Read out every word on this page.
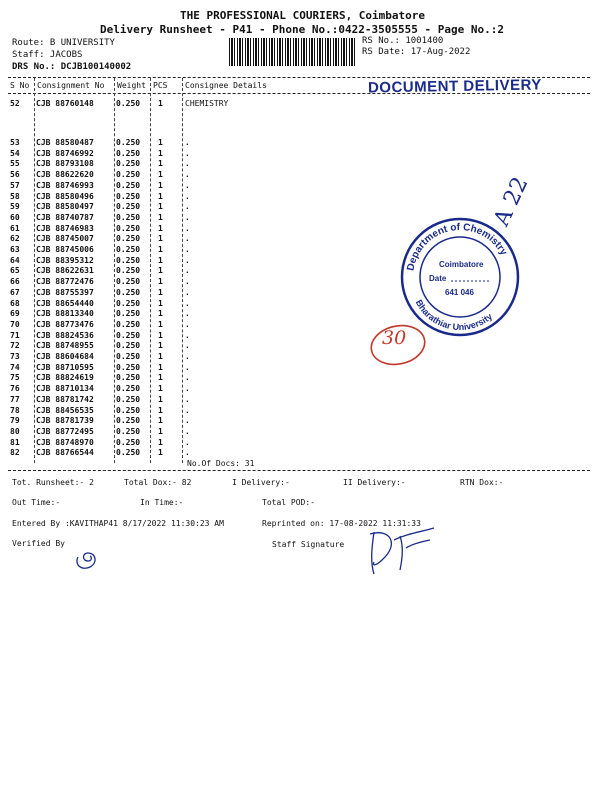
THE PROFESSIONAL COURIERS, Coimbatore
Delivery Runsheet - P41 - Phone No.:0422-3505555 - Page No.:2
Route: B UNIVERSITY
Staff: JACOBS
DRS No.: DCJB100140002
RS No.: 1001400
RS Date: 17-Aug-2022
S No Consignment No Weight PCS Consignee Details	DOCUMENT DELIVERY
52 CJB 88760148	0.250 1	CHEMISTRY
53 CJB 88580487	0.250 1	.
54 CJB 88746992	0.250 1	.
55 CJB 88793108	0.250 1	.
56 CJB 88622620	0.250 1	.
57 CJB 88746993	0.250 1	.
58 CJB 88580496	0.250 1	.
59 CJB 88580497	0.250 1	.
60 CJB 88740787	0.250 1	.
61 CJB 88746983	0.250 1	.
62 CJB 88745007	0.250 1	.
63 CJB 88745006	0.250 1	.
64 CJB 88395312	0.250 1	.
65 CJB 88622631	0.250 1	.
66 CJB 88772476	0.250 1	.
67 CJB 88755397	0.250 1	.
68 CJB 88654440	0.250 1	.
69 CJB 88813340	0.250 1	.
70 CJB 88773476	0.250 1	.
71 CJB 88824536	0.250 1	.
72 CJB 88748955	0.250 1	.
73 CJB 88604684	0.250 1	.
74 CJB 88710595	0.250 1	.
75 CJB 88824619	0.250 1	.
76 CJB 88710134	0.250 1	.
77 CJB 88781742	0.250 1	.
78 CJB 88456535	0.250 1	.
79 CJB 88781739	0.250 1	.
80 CJB 88772495	0.250 1	.
81 CJB 88748970	0.250 1	.
82 CJB 88766544	0.250 1	.
No.Of Docs: 31
Department of Chemistry
Bharathiar University
Coimbatore
Date
641 046
A 22
30
Tot. Runsheet:- 2	Total Dox:- 82	I Delivery:-	II Delivery:-	RTN Dox:-
Out Time:-	In Time:-	Total POD:-
Entered By :KAVITHAP41 8/17/2022 11:30:23 AM	Reprinted on: 17-08-2022 11:31:33
Verified By	Staff Signature
